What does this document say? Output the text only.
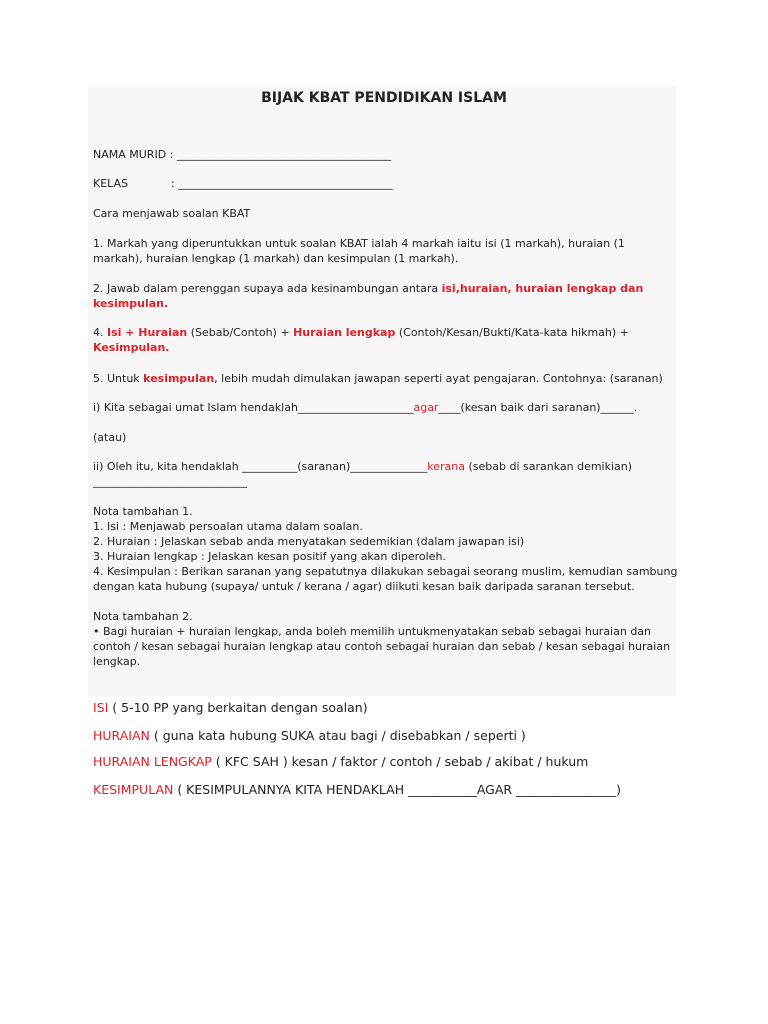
BIJAK KBAT PENDIDIKAN ISLAM
NAMA MURID : _______________________________________
KELAS	: _______________________________________
Cara menjawab soalan KBAT
1. Markah yang diperuntukkan untuk soalan KBAT ialah 4 markah iaitu isi (1 markah), huraian (1 markah), huraian lengkap (1 markah) dan kesimpulan (1 markah).
2. Jawab dalam perenggan supaya ada kesinambungan antara isi,huraian, huraian lengkap dan kesimpulan.
4. Isi + Huraian (Sebab/Contoh) + Huraian lengkap (Contoh/Kesan/Bukti/Kata-kata hikmah) + Kesimpulan.
5. Untuk kesimpulan, lebih mudah dimulakan jawapan seperti ayat pengajaran. Contohnya: (saranan)
i) Kita sebagai umat Islam hendaklah_____________________agar____(kesan baik dari saranan)______.
(atau)
ii) Oleh itu, kita hendaklah __________(saranan)______________kerana (sebab di sarankan demikian)
____________________________
Nota tambahan 1.
1. Isi : Menjawab persoalan utama dalam soalan.
2. Huraian : Jelaskan sebab anda menyatakan sedemikian (dalam jawapan isi)
3. Huraian lengkap : Jelaskan kesan positif yang akan diperoleh.
4. Kesimpulan : Berikan saranan yang sepatutnya dilakukan sebagai seorang muslim, kemudian sambung
dengan kata hubung (supaya/ untuk / kerana / agar) diikuti kesan baik daripada saranan tersebut.
Nota tambahan 2.
• Bagi huraian + huraian lengkap, anda boleh memilih untukmenyatakan sebab sebagai huraian dan
contoh / kesan sebagai huraian lengkap atau contoh sebagai huraian dan sebab / kesan sebagai huraian
lengkap.
ISI ( 5-10 PP yang berkaitan dengan soalan)
HURAIAN ( guna kata hubung SUKA atau bagi / disebabkan / seperti )
HURAIAN LENGKAP ( KFC SAH ) kesan / faktor / contoh / sebab / akibat / hukum
KESIMPULAN ( KESIMPULANNYA KITA HENDAKLAH ___________AGAR ________________)
